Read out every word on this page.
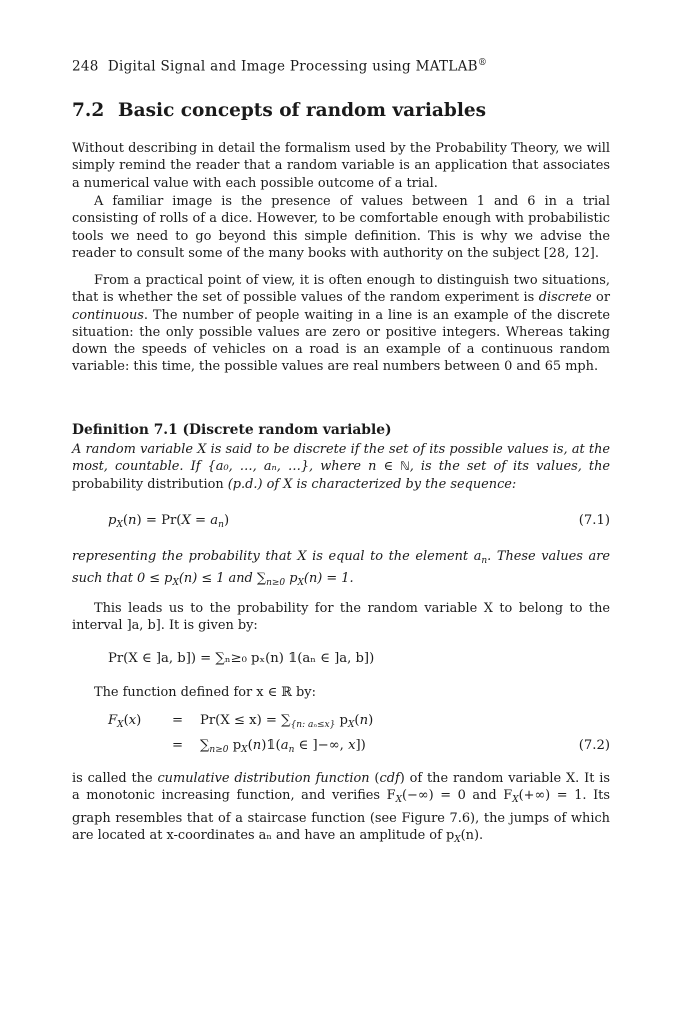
248 Digital Signal and Image Processing using MATLAB®
7.2 Basic concepts of random variables
Without describing in detail the formalism used by the Probability Theory, we will simply remind the reader that a random variable is an application that associates a numerical value with each possible outcome of a trial.
A familiar image is the presence of values between 1 and 6 in a trial consisting of rolls of a dice. However, to be comfortable enough with probabilistic tools we need to go beyond this simple definition. This is why we advise the reader to consult some of the many books with authority on the subject [28, 12].
From a practical point of view, it is often enough to distinguish two situations, that is whether the set of possible values of the random experiment is discrete or continuous. The number of people waiting in a line is an example of the discrete situation: the only possible values are zero or positive integers. Whereas taking down the speeds of vehicles on a road is an example of a continuous random variable: this time, the possible values are real numbers between 0 and 65 mph.
Definition 7.1 (Discrete random variable)
A random variable X is said to be discrete if the set of its possible values is, at the most, countable. If {a₀, …, aₙ, …}, where n ∈ ℕ, is the set of its values, the probability distribution (p.d.) of X is characterized by the sequence:
$p_X(n) = Pr(X = a_n)$	(7.1)
representing the probability that X is equal to the element $a_n$. These values are such that $0 \le p_X(n) \le 1$ and $\sum_{n\ge 0}$ $p_X(n) = 1$.
This leads us to the probability for the random variable X to belong to the interval ]a, b]. It is given by:
Pr(X ∈ ]a, b]) = ∑ₙ≥₀ pₓ(n) 𝟙(aₙ ∈ ]a, b])
The function defined for x ∈ ℝ by:
$F_X(x) = Pr(X \le x) = \sum_{\{n: a_n\le x\}}$ $p_X(n)$
= $\sum_{n\ge 0}$ $p_X(n)𝟙(a_n$ ∈ ]−∞, x])	(7.2)
is called the cumulative distribution function (cdf) of the random variable X. It is a monotonic increasing function, and verifies $F_X(-\infty) = 0$ and $F_X(+\infty) = 1$. Its graph resembles that of a staircase function (see Figure 7.6), the jumps of which are located at x-coordinates aₙ and have an amplitude of $p_X(n)$.
